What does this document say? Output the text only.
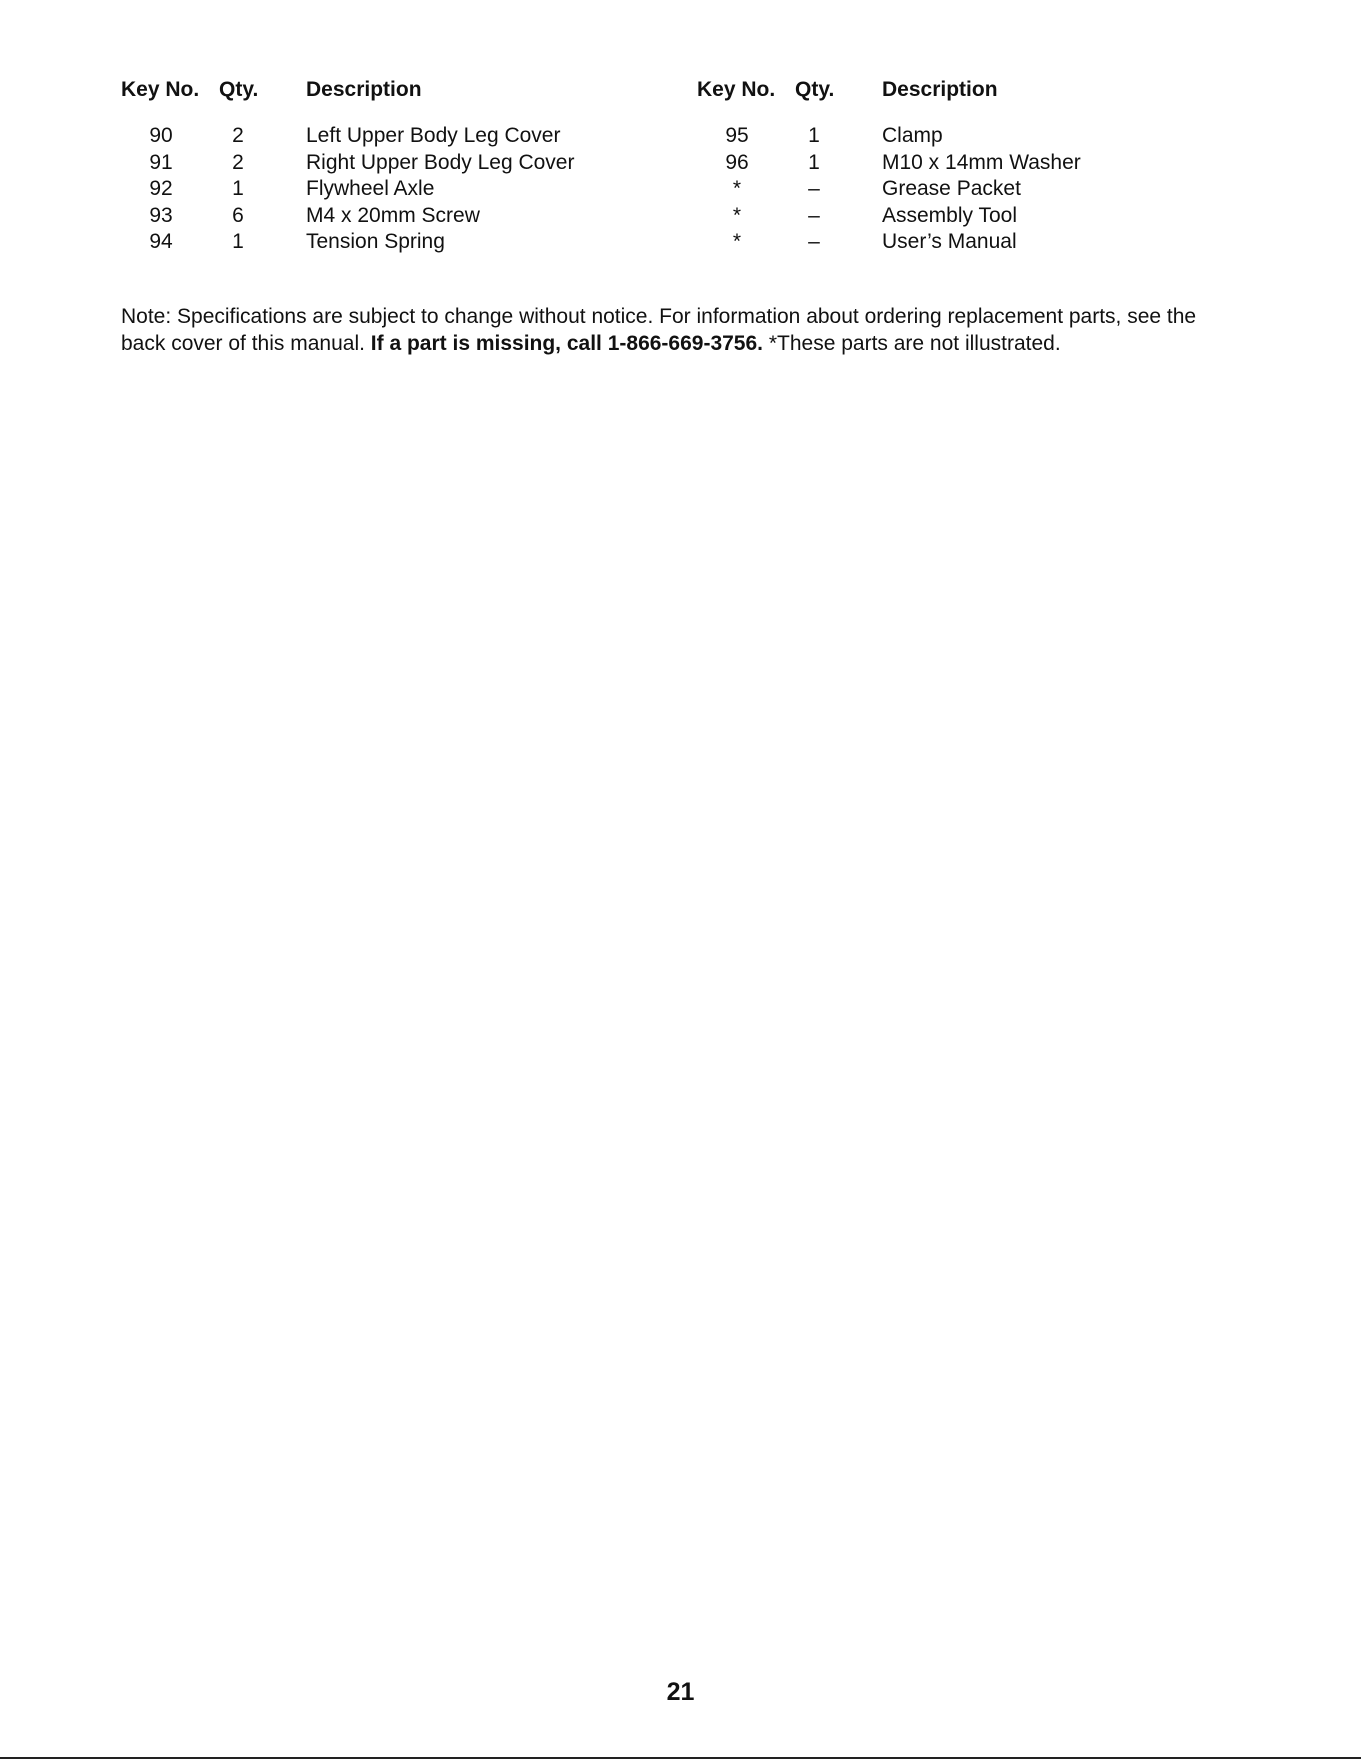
Key No. Qty. Description
90	2	Left Upper Body Leg Cover
91	2	Right Upper Body Leg Cover
92	1	Flywheel Axle
93	6	M4 x 20mm Screw
94	1	Tension Spring
Key No. Qty. Description
95	1	Clamp
96	1	M10 x 14mm Washer
*	–	Grease Packet
*	–	Assembly Tool
*	–	User’s Manual

Note: Specifications are subject to change without notice. For information about ordering replacement parts, see the back cover of this manual. If a part is missing, call 1-866-669-3756. *These parts are not illustrated.

21
